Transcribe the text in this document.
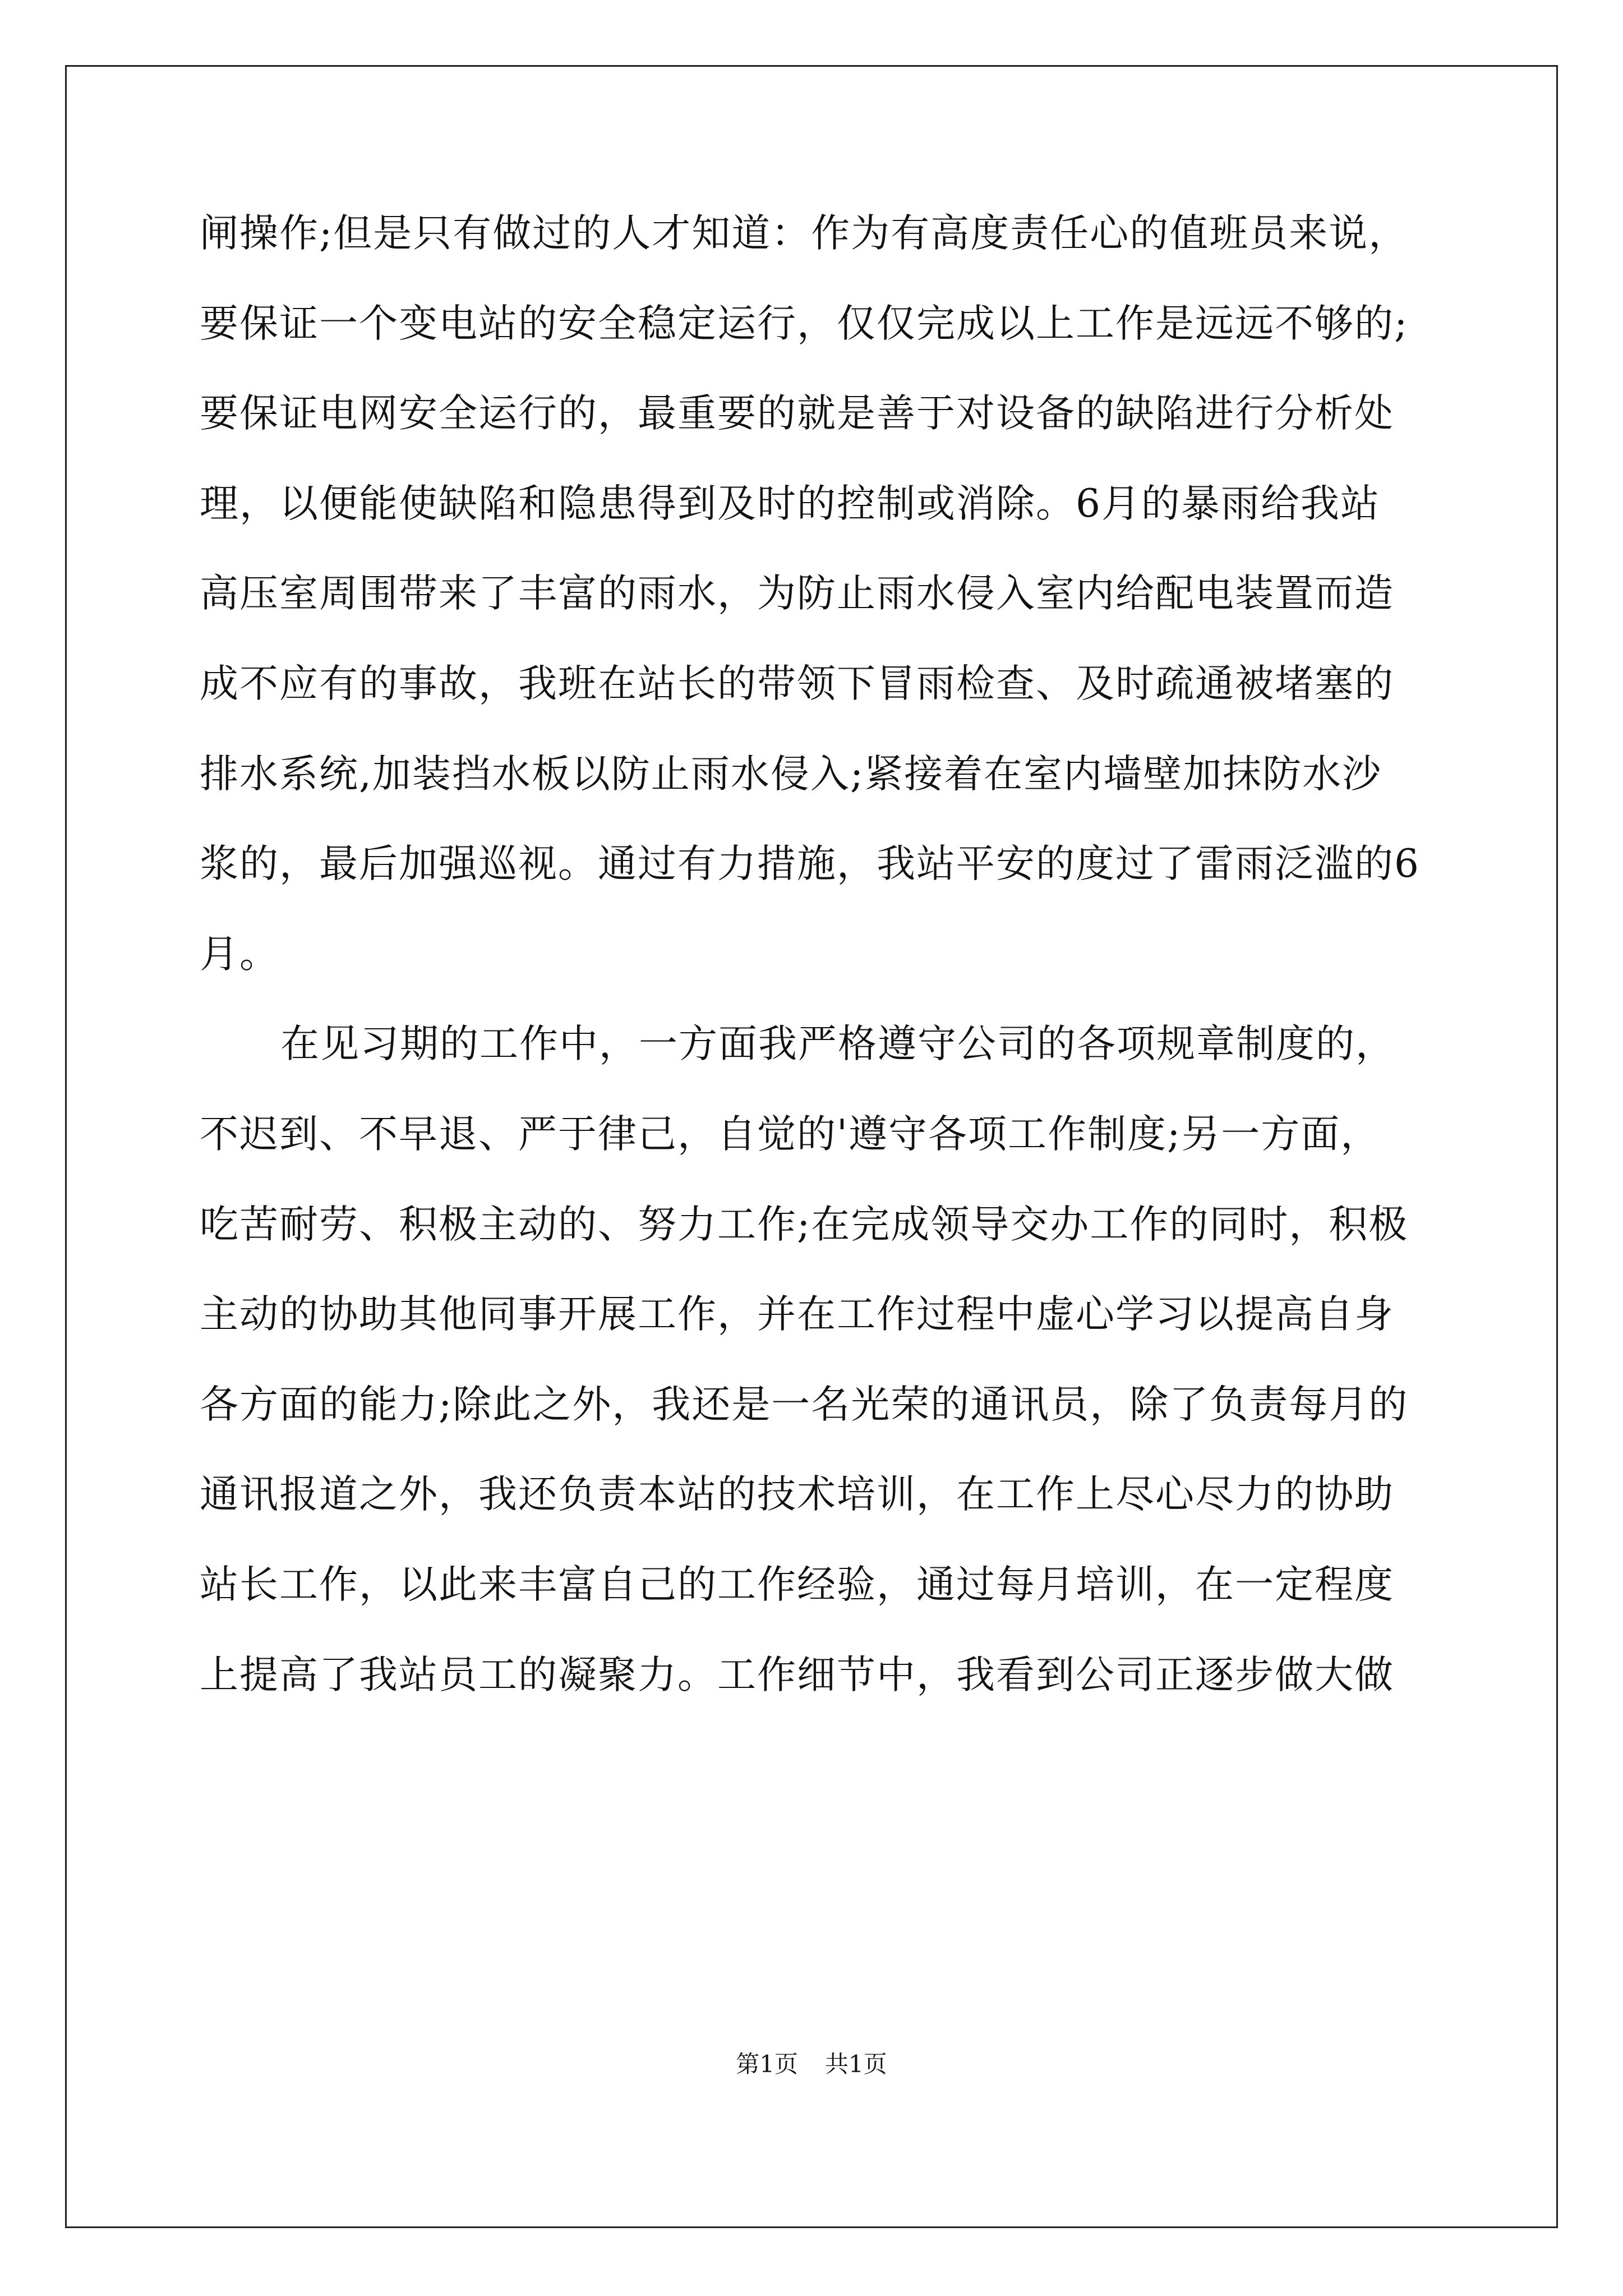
闸操作;但是只有做过的人才知道：作为有高度责任心的值班员来说，
要保证一个变电站的安全稳定运行，仅仅完成以上工作是远远不够的;
要保证电网安全运行的，最重要的就是善于对设备的缺陷进行分析处
理，以便能使缺陷和隐患得到及时的控制或消除。6月的暴雨给我站
高压室周围带来了丰富的雨水，为防止雨水侵入室内给配电装置而造
成不应有的事故，我班在站长的带领下冒雨检查、及时疏通被堵塞的
排水系统,加装挡水板以防止雨水侵入;紧接着在室内墙壁加抹防水沙
浆的，最后加强巡视。通过有力措施，我站平安的度过了雷雨泛滥的6
月。
在见习期的工作中，一方面我严格遵守公司的各项规章制度的，
不迟到、不早退、严于律己，自觉的'遵守各项工作制度;另一方面，
吃苦耐劳、积极主动的、努力工作;在完成领导交办工作的同时，积极
主动的协助其他同事开展工作，并在工作过程中虚心学习以提高自身
各方面的能力;除此之外，我还是一名光荣的通讯员，除了负责每月的
通讯报道之外，我还负责本站的技术培训，在工作上尽心尽力的协助
站长工作，以此来丰富自己的工作经验，通过每月培训，在一定程度
上提高了我站员工的凝聚力。工作细节中，我看到公司正逐步做大做
第1页 共1页
